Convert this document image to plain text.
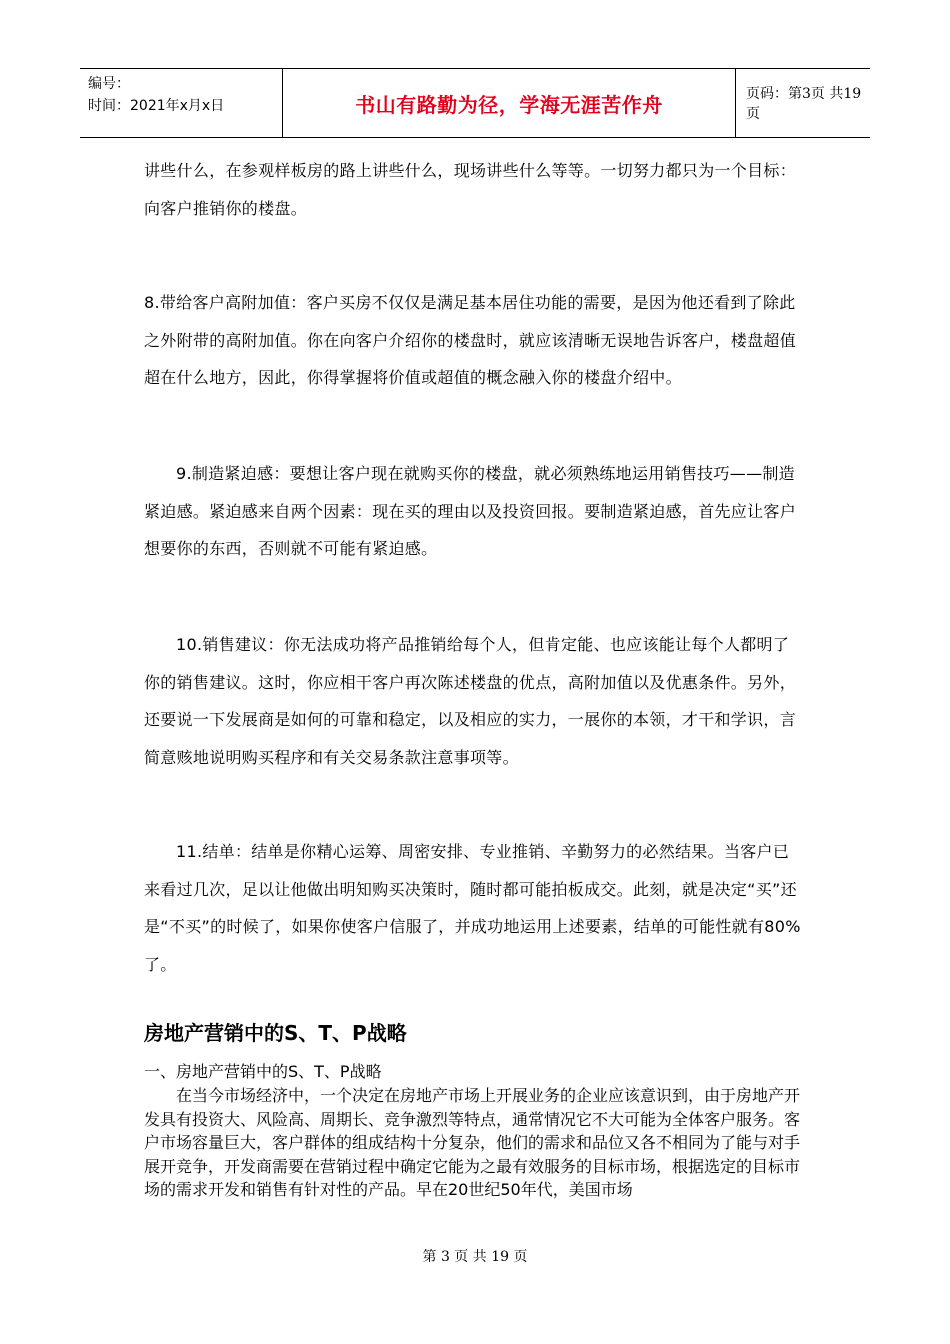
编号：
时间：2021年x月x日	书山有路勤为径，学海无涯苦作舟	页码：第3页 共19页

讲些什么，在参观样板房的路上讲些什么，现场讲些什么等等。一切努力都只为一个目标：向客户推销你的楼盘。

8.带给客户高附加值：客户买房不仅仅是满足基本居住功能的需要，是因为他还看到了除此之外附带的高附加值。你在向客户介绍你的楼盘时，就应该清晰无误地告诉客户，楼盘超值超在什么地方，因此，你得掌握将价值或超值的概念融入你的楼盘介绍中。

9.制造紧迫感：要想让客户现在就购买你的楼盘，就必须熟练地运用销售技巧——制造紧迫感。紧迫感来自两个因素：现在买的理由以及投资回报。要制造紧迫感，首先应让客户想要你的东西，否则就不可能有紧迫感。

10.销售建议：你无法成功将产品推销给每个人，但肯定能、也应该能让每个人都明了你的销售建议。这时，你应相干客户再次陈述楼盘的优点，高附加值以及优惠条件。另外，还要说一下发展商是如何的可靠和稳定，以及相应的实力，一展你的本领，才干和学识，言简意赅地说明购买程序和有关交易条款注意事项等。

11.结单：结单是你精心运筹、周密安排、专业推销、辛勤努力的必然结果。当客户已来看过几次，足以让他做出明知购买决策时，随时都可能拍板成交。此刻，就是决定“买”还是“不买”的时候了，如果你使客户信服了，并成功地运用上述要素，结单的可能性就有80%了。

房地产营销中的S、T、P战略

一、房地产营销中的S、T、P战略

在当今市场经济中，一个决定在房地产市场上开展业务的企业应该意识到，由于房地产开发具有投资大、风险高、周期长、竞争激烈等特点，通常情况它不大可能为全体客户服务。客户市场容量巨大，客户群体的组成结构十分复杂，他们的需求和品位又各不相同为了能与对手展开竞争，开发商需要在营销过程中确定它能为之最有效服务的目标市场，根据选定的目标市场的需求开发和销售有针对性的产品。早在20世纪50年代，美国市场

第 3 页 共 19 页
